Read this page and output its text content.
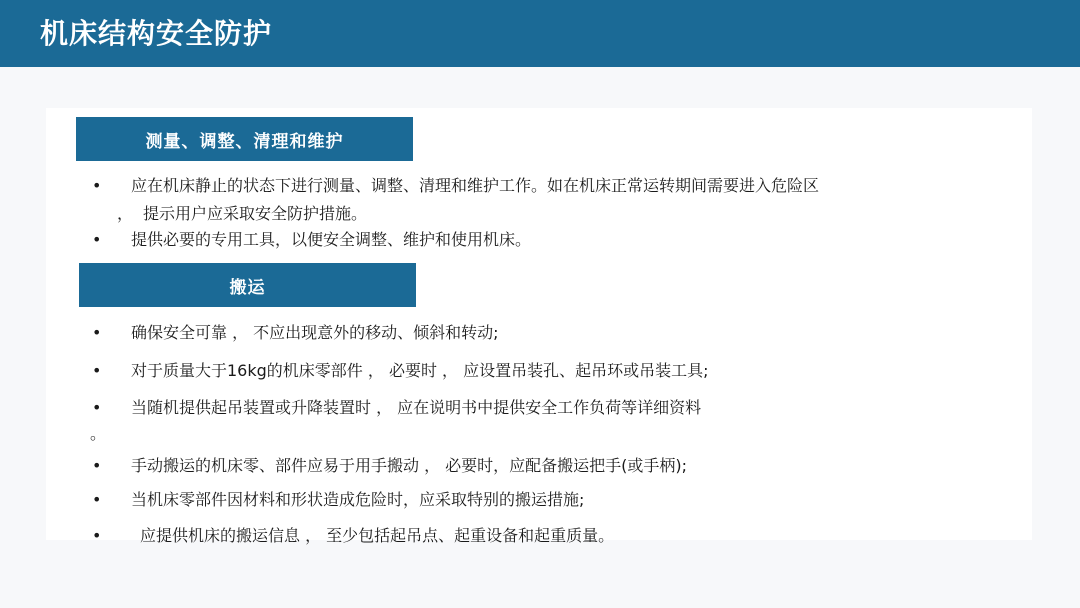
机床结构安全防护
测量、调整、清理和维护
• 应在机床静止的状态下进行测量、调整、清理和维护工作。如在机床正常运转期间需要进入危险区
， 提示用户应采取安全防护措施。
• 提供必要的专用工具，以便安全调整、维护和使用机床。
搬运
• 确保安全可靠 ， 不应出现意外的移动、倾斜和转动;
• 对于质量大于16kg的机床零部件 ， 必要时 ， 应设置吊装孔、起吊环或吊装工具;
• 当随机提供起吊装置或升降装置时 ， 应在说明书中提供安全工作负荷等详细资料
。
• 手动搬运的机床零、部件应易于用手搬动 ， 必要时，应配备搬运把手(或手柄);
• 当机床零部件因材料和形状造成危险时，应采取特别的搬运措施;
• 应提供机床的搬运信息 ， 至少包括起吊点、起重设备和起重质量。
